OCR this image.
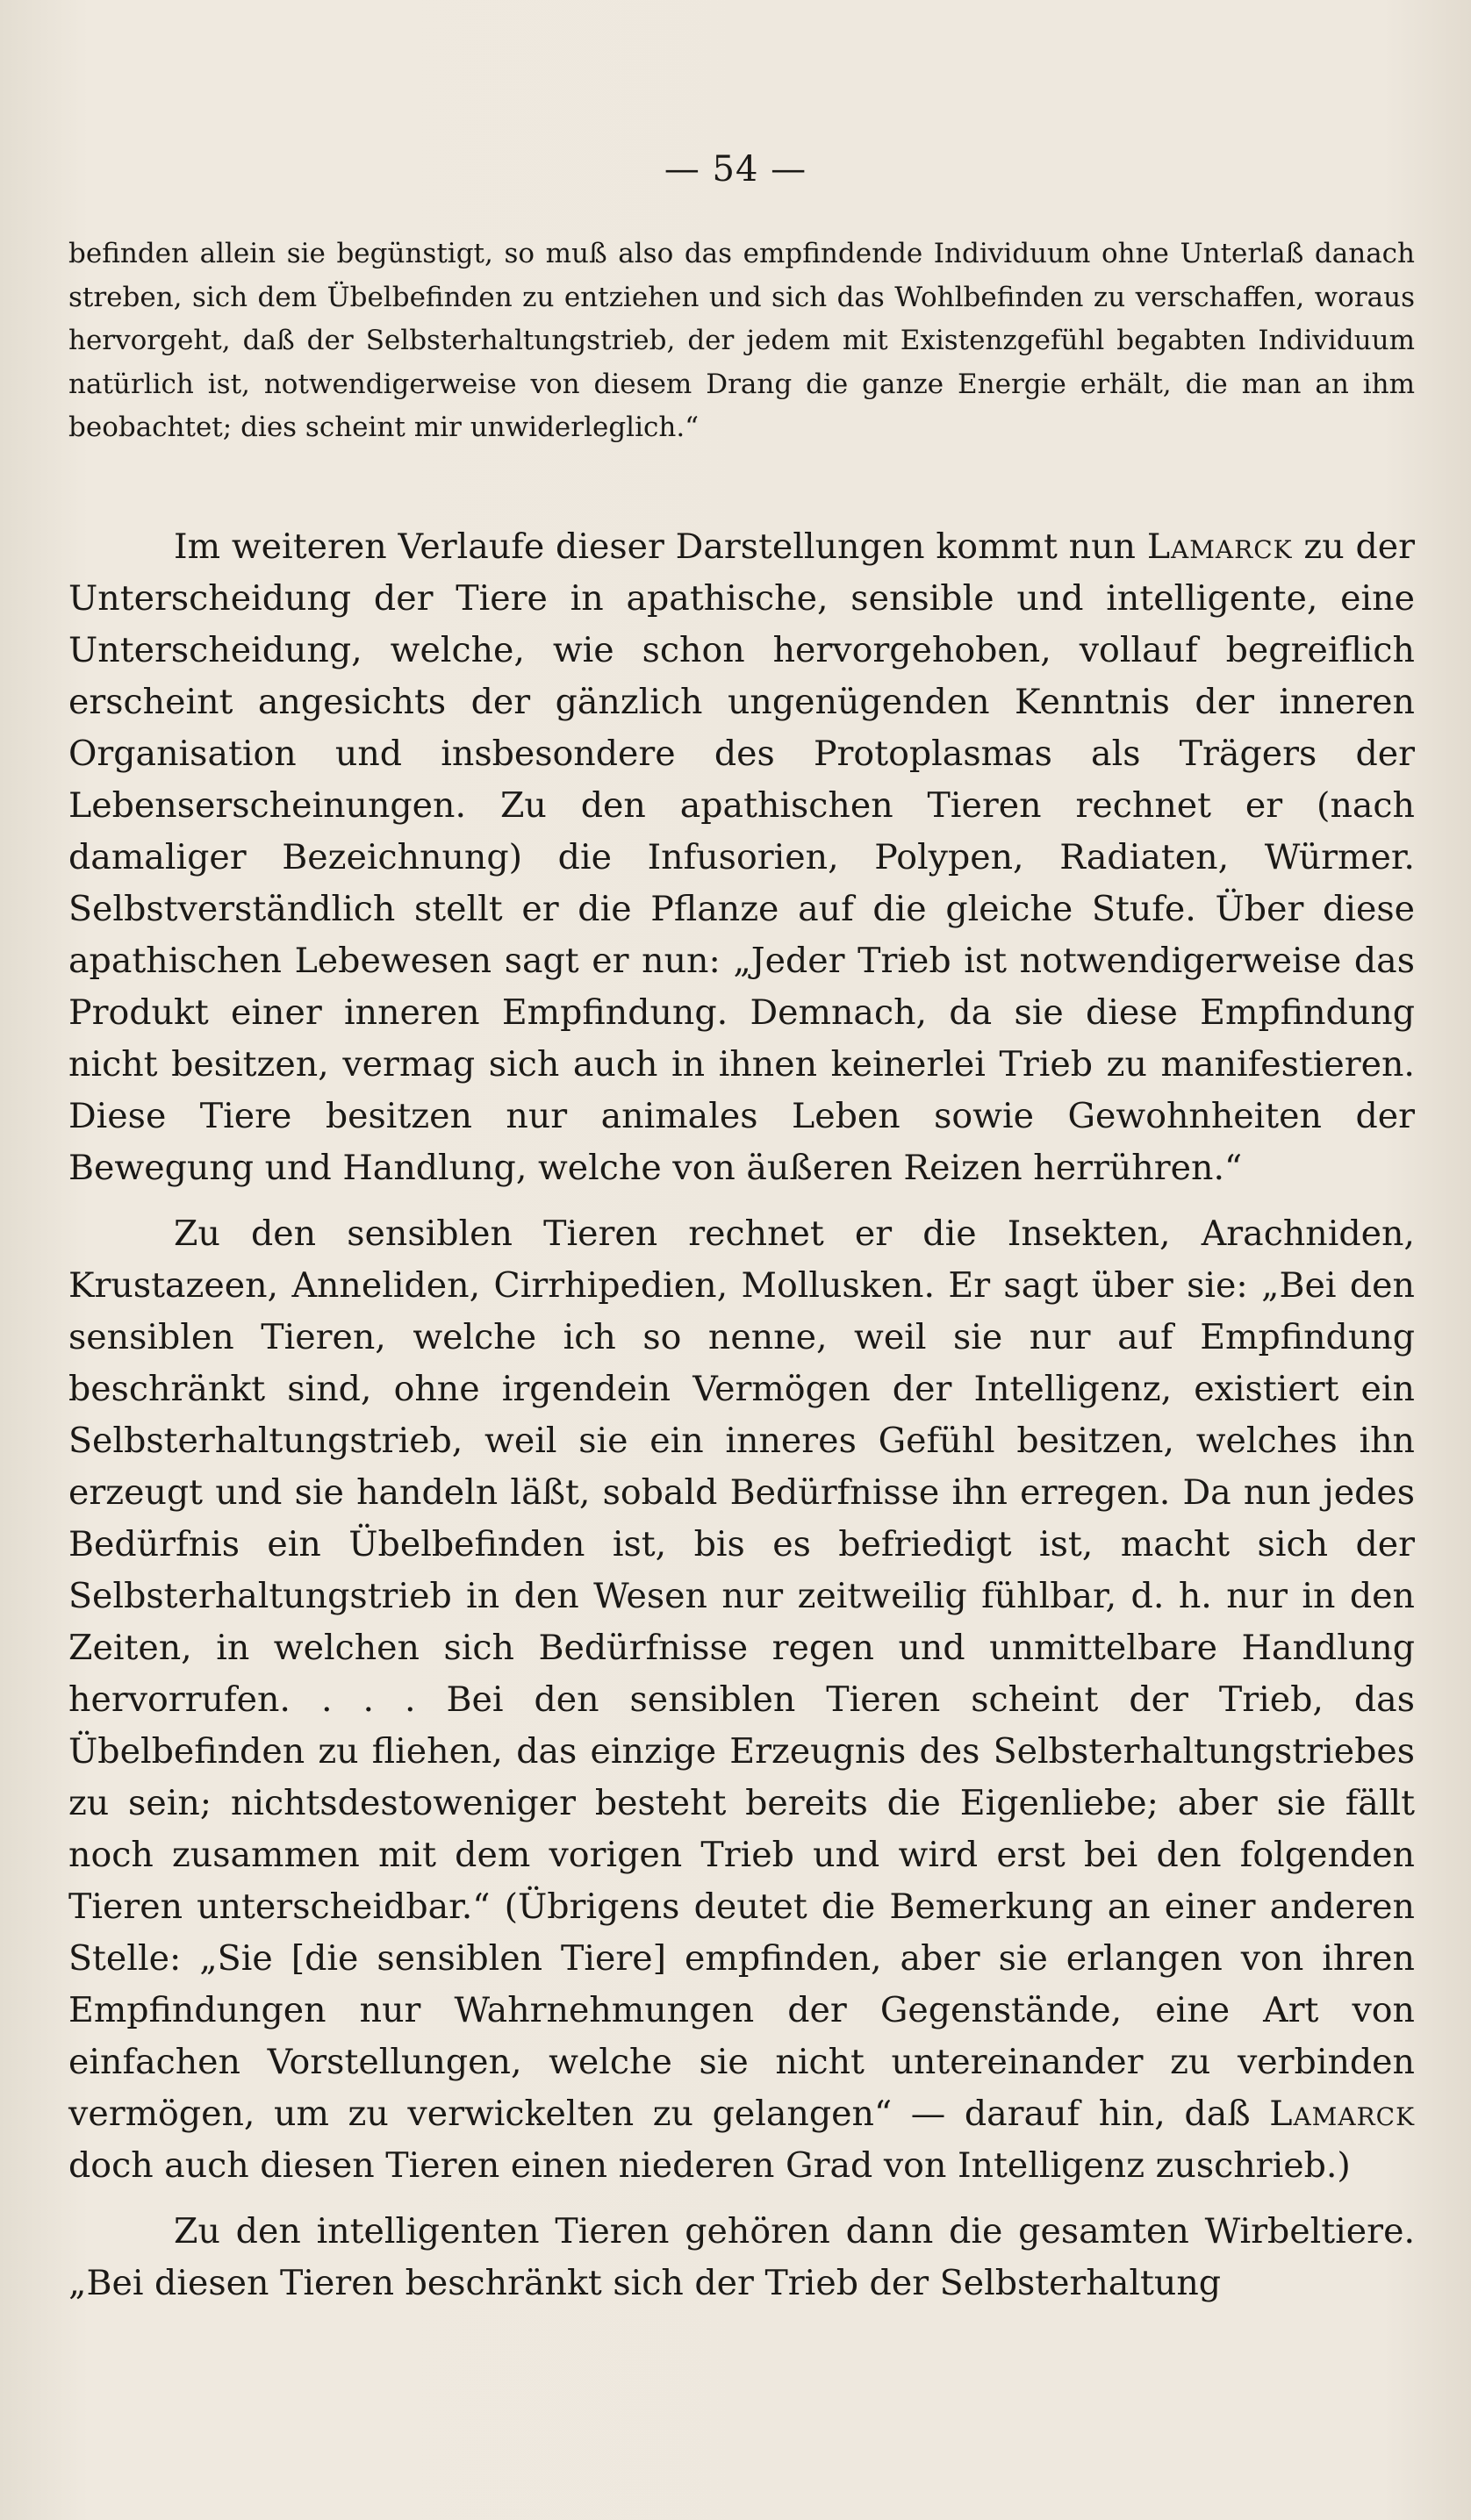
— 54 —

befinden allein sie begünstigt, so muß also das empfindende Individuum ohne Unterlaß danach streben, sich dem Übelbefinden zu entziehen und sich das Wohlbefinden zu verschaffen, woraus hervorgeht, daß der Selbsterhaltungstrieb, der jedem mit Existenzgefühl begabten Individuum natürlich ist, notwendigerweise von diesem Drang die ganze Energie erhält, die man an ihm beobachtet; dies scheint mir unwiderleglich.“

Im weiteren Verlaufe dieser Darstellungen kommt nun Lamarck zu der Unterscheidung der Tiere in apathische, sensible und intelligente, eine Unterscheidung, welche, wie schon hervorgehoben, vollauf begreiflich erscheint angesichts der gänzlich ungenügenden Kenntnis der inneren Organisation und insbesondere des Protoplasmas als Trägers der Lebenserscheinungen. Zu den apathischen Tieren rechnet er (nach damaliger Bezeichnung) die Infusorien, Polypen, Radiaten, Würmer. Selbstverständlich stellt er die Pflanze auf die gleiche Stufe. Über diese apathischen Lebewesen sagt er nun: „Jeder Trieb ist notwendigerweise das Produkt einer inneren Empfindung. Demnach, da sie diese Empfindung nicht besitzen, vermag sich auch in ihnen keinerlei Trieb zu manifestieren. Diese Tiere besitzen nur animales Leben sowie Gewohnheiten der Bewegung und Handlung, welche von äußeren Reizen herrühren.“

Zu den sensiblen Tieren rechnet er die Insekten, Arachniden, Krustazeen, Anneliden, Cirrhipedien, Mollusken. Er sagt über sie: „Bei den sensiblen Tieren, welche ich so nenne, weil sie nur auf Empfindung beschränkt sind, ohne irgendein Vermögen der Intelligenz, existiert ein Selbsterhaltungstrieb, weil sie ein inneres Gefühl besitzen, welches ihn erzeugt und sie handeln läßt, sobald Bedürfnisse ihn erregen. Da nun jedes Bedürfnis ein Übelbefinden ist, bis es befriedigt ist, macht sich der Selbsterhaltungstrieb in den Wesen nur zeitweilig fühlbar, d. h. nur in den Zeiten, in welchen sich Bedürfnisse regen und unmittelbare Handlung hervorrufen. . . . Bei den sensiblen Tieren scheint der Trieb, das Übelbefinden zu fliehen, das einzige Erzeugnis des Selbsterhaltungstriebes zu sein; nichtsdestoweniger besteht bereits die Eigenliebe; aber sie fällt noch zusammen mit dem vorigen Trieb und wird erst bei den folgenden Tieren unterscheidbar.“ (Übrigens deutet die Bemerkung an einer anderen Stelle: „Sie [die sensiblen Tiere] empfinden, aber sie erlangen von ihren Empfindungen nur Wahrnehmungen der Gegenstände, eine Art von einfachen Vorstellungen, welche sie nicht untereinander zu verbinden vermögen, um zu verwickelten zu gelangen“ — darauf hin, daß Lamarck doch auch diesen Tieren einen niederen Grad von Intelligenz zuschrieb.)

Zu den intelligenten Tieren gehören dann die gesamten Wirbeltiere. „Bei diesen Tieren beschränkt sich der Trieb der Selbsterhaltung
